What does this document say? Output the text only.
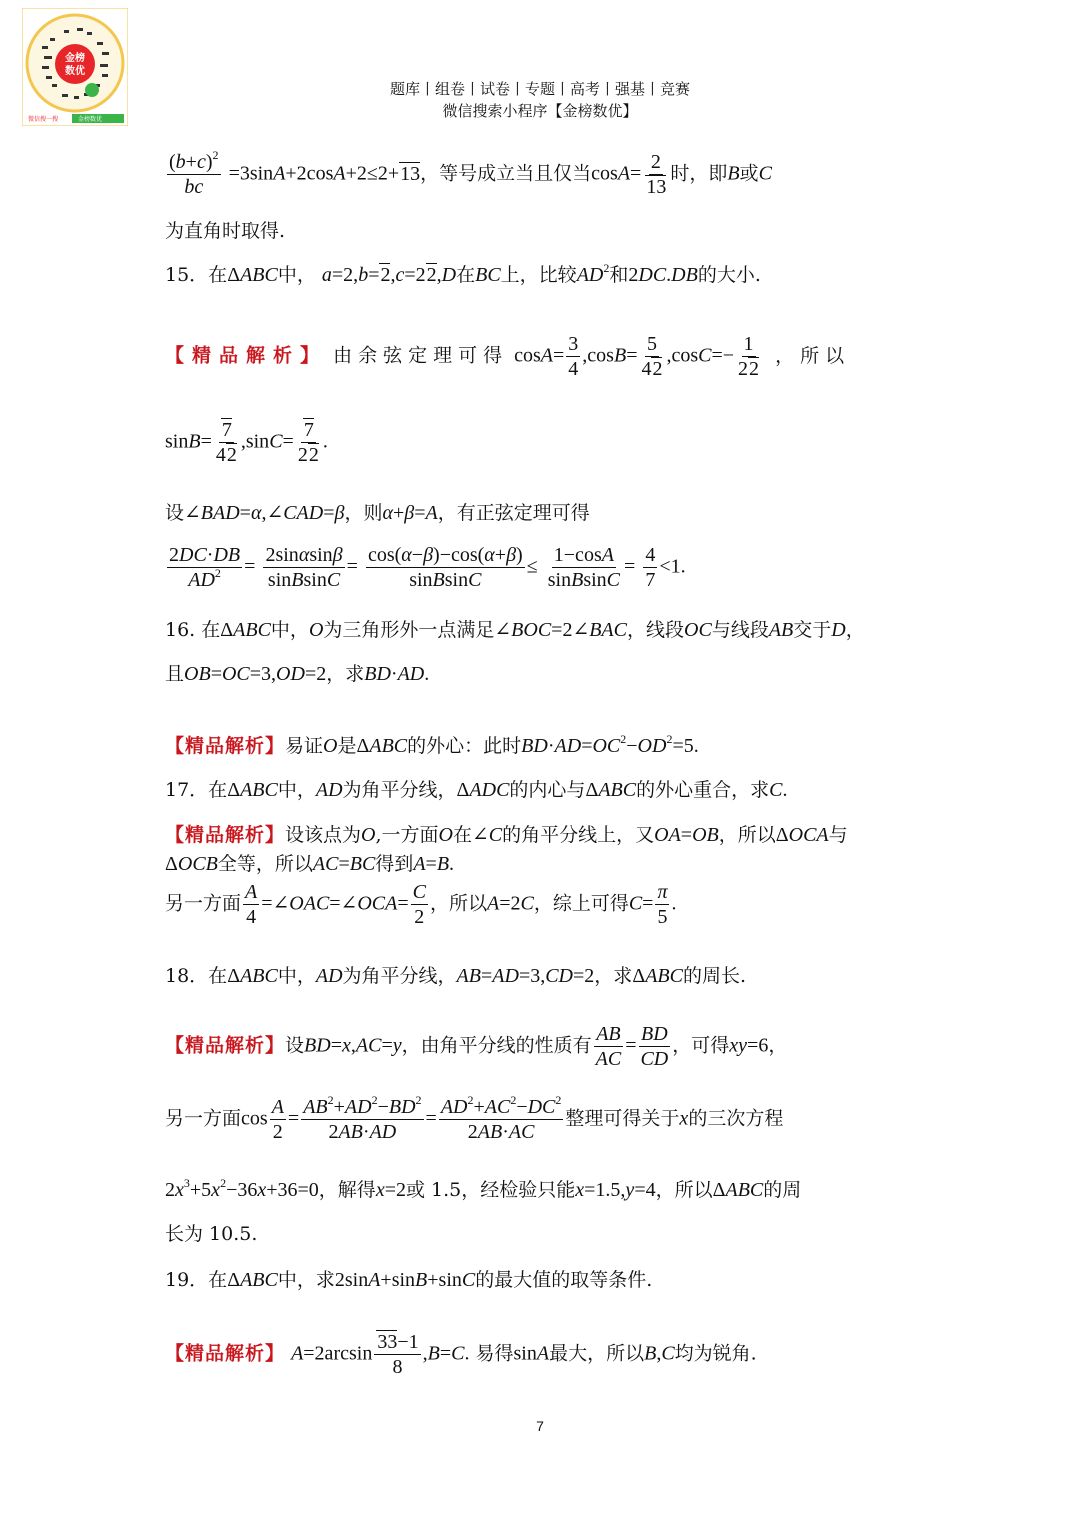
金榜
数优
微信搜一搜	金榜数优
题库丨组卷丨试卷丨专题丨高考丨强基丨竞赛
微信搜索小程序【金榜数优】
$\frac{(b+c)^2}{bc} =3\sin A+2\cos A+2\le 2+13$，等号成立当且仅当$\cos A= \frac{2}{13}$ 时，即B或C
为直角时取得.
15．在ΔABC中， a=2,b=2,c=22,D在BC上，比较$AD^2$和2DC.DB的大小.
【精品解析】 由余弦定理可得 $\cos A= \frac{3}{4} ,\cos B= \frac{5}{42} ,\cos C=- \frac{1}{22}$ ，所以
$\sin B= \frac{7}{42} ,\sin C= \frac{7}{22}$ .
设∠BAD=α,∠CAD=β，则α+β=A，有正弦定理可得
$\frac{2DC\cdot DB}{AD^2} = \frac{2\sin\alpha\sin\beta}{\text{sinBsinC}} = \frac{\cos(\alpha-\beta)-\cos(\alpha+\beta)}{\text{sinBsinC}} \le \frac{1-\cos A}{\text{sinBsinC}} = \frac{4}{7} <1$.
16. 在ΔABC中，O为三角形外一点满足∠BOC=2∠BAC，线段OC与线段AB交于D，
且OB=OC=3,OD=2，求BD·AD.
【精品解析】易证O是ΔABC的外心：此时$BD\cdot AD=OC^2-OD^2=5$.
17．在ΔABC中，AD为角平分线，ΔADC的内心与ΔABC的外心重合，求C.
【精品解析】设该点为O,一方面O在∠C的角平分线上，又OA=OB，所以ΔOCA与
ΔOCB全等，所以AC=BC得到A=B.
另一方面 $\frac{A}{4}$ =∠OAC=∠OCA= $\frac{C}{2}$ ，所以A=2C，综上可得$C= \frac{\pi}{5}$ .
18．在ΔABC中，AD为角平分线，AB=AD=3,CD=2，求ΔABC的周长.
【精品解析】设BD=x,AC=y，由角平分线的性质有 $\frac{AB}{AC} = \frac{BD}{CD}$ ，可得xy=6，
另一方面$\cos \frac{A}{2} = \frac{AB^2+AD^2-BD^2}{2AB\cdot AD} = \frac{AD^2+AC^2-DC^2}{2AB\cdot AC}$ 整理可得关于x的三次方程
$2x^3+5x^2-36x+36=0$，解得x=2或 1.5，经检验只能x=1.5,y=4，所以ΔABC的周
长为 10.5.
19．在ΔABC中，求2sinA+sinB+sinC的最大值的取等条件.
【精品解析】 $A=2\arcsin \frac{33-1}{8} ,B=C$. 易得sinA最大，所以B,C均为锐角.
7
